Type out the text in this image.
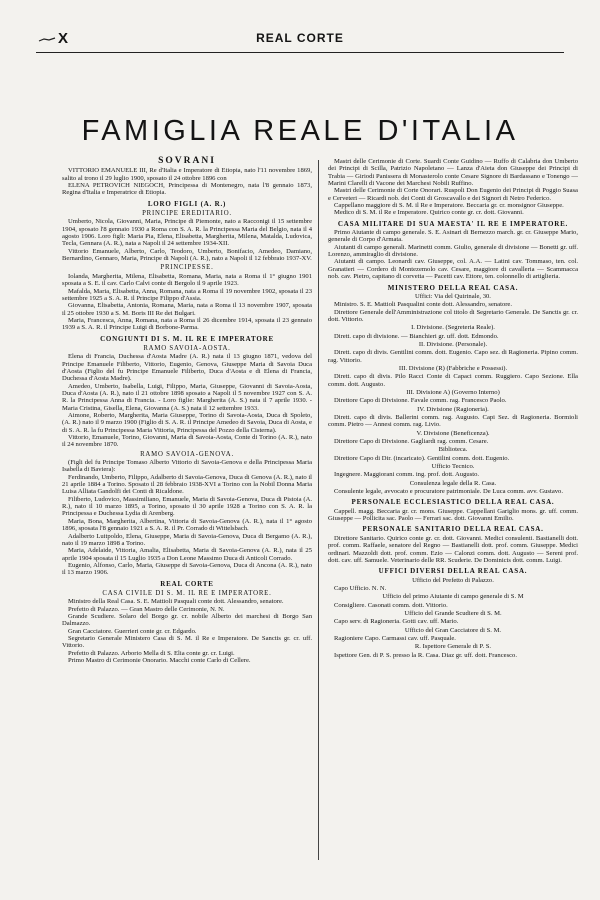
X	REAL CORTE
FAMIGLIA REALE D'ITALIA

SOVRANI

VITTORIO EMANUELE III, Re d'Italia e Imperatore di Etiopia, nato l'11 novembre 1869, salito al trono il 29 luglio 1900, sposato il 24 ottobre 1896 con

ELENA PETROVICH NIEGOCH, Principessa di Montenegro, nata l'8 gennaio 1873, Regina d'Italia e Imperatrice di Etiopia.

LORO FIGLI (A. R.)

PRINCIPE EREDITARIO.

Umberto, Nicola, Giovanni, Maria, Principe di Piemonte, nato a Racconigi il 15 settembre 1904, sposato l'8 gennaio 1930 a Roma con S. A. R. la Principessa Maria del Belgio, nata il 4 agosto 1906. Loro figli: Maria Pia, Elena, Elisabetta, Margherita, Milena, Matalda, Ludovica, Tecla, Gennara (A. R.), nata a Napoli il 24 settembre 1934-XII.

Vittorio Emanuele, Alberto, Carlo, Teodoro, Umberto, Bonifacio, Amedeo, Damiano, Bernardino, Gennaro, Maria, Principe di Napoli (A. R.), nato a Napoli il 12 febbraio 1937-XV.

PRINCIPESSE.

Iolanda, Margherita, Milena, Elisabetta, Romana, Maria, nata a Roma il 1° giugno 1901 sposata a S. E. il cav. Carlo Calvi conte di Bergolo il 9 aprile 1923.

Mafalda, Maria, Elisabetta, Anna, Romana, nata a Roma il 19 novembre 1902, sposata il 23 settembre 1925 a S. A. R. il Principe Filippo d'Assia.

Giovanna, Elisabetta, Antonia, Romana, Maria, nata a Roma il 13 novembre 1907, sposata il 25 ottobre 1930 a S. M. Boris III Re dei Bulgari.

Maria, Francesca, Anna, Romana, nata a Roma il 26 dicembre 1914, sposata il 23 gennaio 1939 a S. A. R. il Principe Luigi di Borbone-Parma.

CONGIUNTI DI S. M. IL RE E IMPERATORE

RAMO SAVOIA-AOSTA.

Elena di Francia, Duchessa d'Aosta Madre (A. R.) nata il 13 giugno 1871, vedova del Principe Emanuele Filiberto, Vittorio, Eugenio, Genova, Giuseppe Maria di Savoia Duca d'Aosta (Figlio del fu Principe Emanuele Filiberto, Duca d'Aosta e di Elena di Francia, Duchessa d'Aosta Madre).

Amedeo, Umberto, Isabella, Luigi, Filippo, Maria, Giuseppe, Giovanni di Savoia-Aosta, Duca d'Aosta (A. R.), nato il 21 ottobre 1898 sposato a Napoli il 5 novembre 1927 con S. A. R. la Principessa Anna di Francia. - Loro figlie: Margherita (A. S.) nata il 7 aprile 1930. - Maria Cristina, Gisella, Elena, Giovanna (A. S.) nata il 12 settembre 1933.

Aimone, Roberto, Margherita, Maria Giuseppe, Torino di Savoia-Aosta, Duca di Spoleto, (A. R.) nato il 9 marzo 1900 (Figlio di S. A. R. il Principe Amedeo di Savoia, Duca di Aosta, e di S. A. R. la fu Principessa Maria Vittoria, Principessa del Pozzo della Cisterna).

Vittorio, Emanuele, Torino, Giovanni, Maria di Savoia-Aosta, Conte di Torino (A. R.), nato il 24 novembre 1870.

RAMO SAVOIA-GENOVA.

(Figli del fu Principe Tomaso Alberto Vittorio di Savoia-Genova e della Principessa Maria Isabella di Baviera):

Ferdinando, Umberto, Filippo, Adalberto di Savoia-Genova, Duca di Genova (A. R.), nato il 21 aprile 1884 a Torino. Sposato il 28 febbraio 1938-XVI a Torino con la Nobil Donna Maria Luisa Alliata Gandolfi dei Conti di Ricaldone.

Filiberto, Ludovico, Massimiliano, Emanuele, Maria di Savoia-Genova, Duca di Pistoia (A. R.), nato il 10 marzo 1895, a Torino, sposato il 30 aprile 1928 a Torino con S. A. R. la Principessa e Duchessa Lydia di Arenberg.

Maria, Bona, Margherita, Albertina, Vittoria di Savoia-Genova (A. R.), nata il 1° agosto 1896, sposata l'8 gennaio 1921 a S. A. R. il Pr. Corrado di Wittelsbach.

Adalberto Luitpoldo, Elena, Giuseppe, Maria di Savoia-Genova, Duca di Bergamo (A. R.), nato il 19 marzo 1898 a Torino.

Maria, Adelaide, Vittoria, Amalia, Elisabetta, Maria di Savoia-Genova (A. R.), nata il 25 aprile 1904 sposata il 15 Luglio 1935 a Don Leone Massimo Duca di Anticoli Corrado.

Eugenio, Alfonso, Carlo, Maria, Giuseppe di Savoia-Genova, Duca di Ancona (A. R.), nato il 13 marzo 1906.

REAL CORTE

CASA CIVILE DI S. M. IL RE E IMPERATORE.

Ministro della Real Casa. S. E. Mattioli Pasquali conte dott. Alessandro, senatore.

Prefetto di Palazzo. — Gran Mastro delle Cerimonie, N. N.

Grande Scudiere. Solaro del Borgo gr. cr. nobile Alberto dei marchesi di Borgo San Dalmazzo.

Gran Cacciatore. Guerrieri conte gr. cr. Edgardo.

Segretario Generale Ministero Casa di S. M. il Re e Imperatore. De Sanctis gr. cr. uff. Vittorio.

Prefetto di Palazzo. Arborio Mella di S. Elia conte gr. cr. Luigi.

Primo Mastro di Cerimonie Onorario. Macchi conte Carlo di Cellere.

Mastri delle Cerimonie di Corte. Suardi Conte Guidino — Ruffo di Calabria don Umberto dei Principi di Scilla, Patrizio Napoletano — Lanza d'Aieta don Giuseppe dei Principi di Trabia — Giriodi Panissera di Monasterolo conte Cesare Signore di Bardassano e Tonengo — Marini Clarelli di Vacone dei Marchesi Nobili Ruffino.

Mastri delle Cerimonie di Corte Onorari. Ruspoli Don Eugenio dei Principi di Poggio Suasa e Cerveteri — Ricardi nob. dei Conti di Groscavallo e dei Signori di Netro Federico.

Cappellano maggiore di S. M. il Re e Imperatore. Beccaria gr. cr. monsignor Giuseppe.

Medico di S. M. il Re e Imperatore. Quirico conte gr. cr. dott. Giovanni.

CASA MILITARE DI SUA MAESTA' IL RE E IMPERATORE.

Primo Aiutante di campo generale. S. E. Asinari di Bernezzo march. gr. cr. Giuseppe Mario, generale di Corpo d'Armata.

Aiutanti di campo generali. Marinetti comm. Giulio, generale di divisione — Bonetti gr. uff. Lorenzo, ammiraglio di divisione.

Aiutanti di campo. Leonardi cav. Giuseppe, col. A.A. — Latini cav. Tommaso, ten. col. Granatieri — Cordero di Montezemolo cav. Cesare, maggiore di cavalleria — Scammacca nob. cav. Pietro, capitano di corvetta — Pacetti cav. Ettore, ten. colonnello di artiglieria.

MINISTERO DELLA REAL CASA.

Uffici: Via del Quirinale, 30.

Ministro. S. E. Mattioli Pasqualini conte dott. Alessandro, senatore.

Direttore Generale dell'Amministrazione col titolo di Segretario Generale. De Sanctis gr. cr. dott. Vittorio.

I. Divisione. (Segreteria Reale).

Dirett. capo di divisione. — Bianchieri gr. uff. dott. Edmondo.

II. Divisione. (Personale).

Dirett. capo di divis. Gentilini comm. dott. Eugenio. Capo sez. di Ragioneria. Pipino comm. rag. Vittorio.

III. Divisione (R) (Fabbriche e Possessi).

Dirett. capo di divis. Pilo Racci Conte di Capaci comm. Ruggiero. Capo Sezione. Ella comm. dott. Augusto.

III. Divisione A) (Governo Interno)

Direttore Capo di Divisione. Favale comm. rag. Francesco Paolo.

IV. Divisione (Ragioneria).

Dirett. capo di divis. Ballerini comm. rag. Augusto. Capi Sez. di Ragioneria. Bormioli comm. Pietro — Annesi comm. rag. Livio.

V. Divisione (Beneficenza).

Direttore Capo di Divisione. Gagliardi rag. comm. Cesare.

Biblioteca.

Direttore Capo di Dir. (incaricato). Gentilini comm. dott. Eugenio.

Ufficio Tecnico.

Ingegnere. Maggiorani comm. ing. prof. dott. Augusto.

Consulenza legale della R. Casa.

Consulente legale, avvocato e procuratore patrimoniale. De Luca comm. avv. Gustavo.

PERSONALE ECCLESIASTICO DELLA REAL CASA.

Cappell. magg. Beccaria gr. cr. mons. Giuseppe. Cappellani Gariglio mons. gr. uff. comm. Giuseppe — Pollicita sac. Paolo — Ferrari sac. dott. Giovanni Emilio.

PERSONALE SANITARIO DELLA REAL CASA.

Direttore Sanitario. Quirico conte gr. cr. dott. Giovanni. Medici consulenti. Bastianelli dott. prof. comm. Raffaele, senatore del Regno — Bastianelli dott. prof. comm. Giuseppe. Medici ordinari. Mazzoldi dott. prof. comm. Ezio — Calonzi comm. dott. Augusto — Sereni prof. dott. cav. uff. Samuele. Veterinario delle RR. Scuderie. De Dominicis dott. comm. Luigi.

UFFICI DIVERSI DELLA REAL CASA.

Ufficio del Prefetto di Palazzo.

Capo Ufficio. N. N.

Ufficio del primo Aiutante di campo generale di S. M

Consigliere. Casonati comm. dott. Vittorio.

Ufficio del Grande Scudiere di S. M.

Capo serv. di Ragioneria. Gotti cav. uff. Mario.

Ufficio del Gran Cacciatore di S. M.

Ragioniere Capo. Carmassi cav. uff. Pasquale.

R. Ispettore Generale di P. S.

Ispettore Gen. di P. S. presso la R. Casa. Diaz gr. uff. dott. Francesco.
